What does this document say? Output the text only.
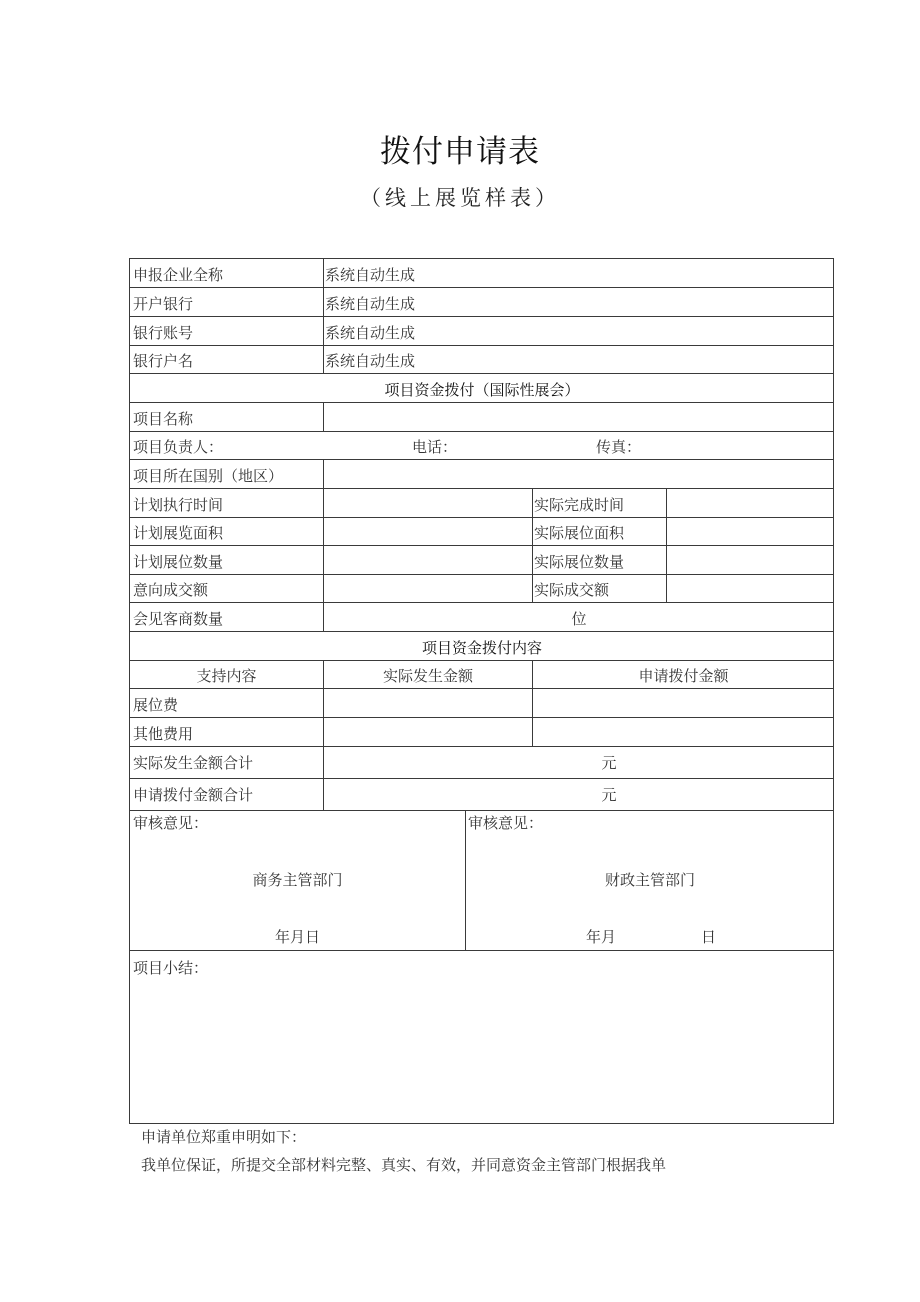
拨付申请表
（线上展览样表）
申报企业全称	系统自动生成
开户银行	系统自动生成
银行账号	系统自动生成
银行户名	系统自动生成
项目资金拨付（国际性展会）
项目名称
项目负责人：	电话：	传真：
项目所在国别（地区）
计划执行时间	实际完成时间
计划展览面积	实际展位面积
计划展位数量	实际展位数量
意向成交额	实际成交额
会见客商数量	位
项目资金拨付内容
支持内容	实际发生金额	申请拨付金额
展位费
其他费用
实际发生金额合计	元
申请拨付金额合计	元
审核意见：
商务主管部门
年月日
审核意见：
财政主管部门
年月	日
项目小结：
申请单位郑重申明如下：
我单位保证，所提交全部材料完整、真实、有效，并同意资金主管部门根据我单
